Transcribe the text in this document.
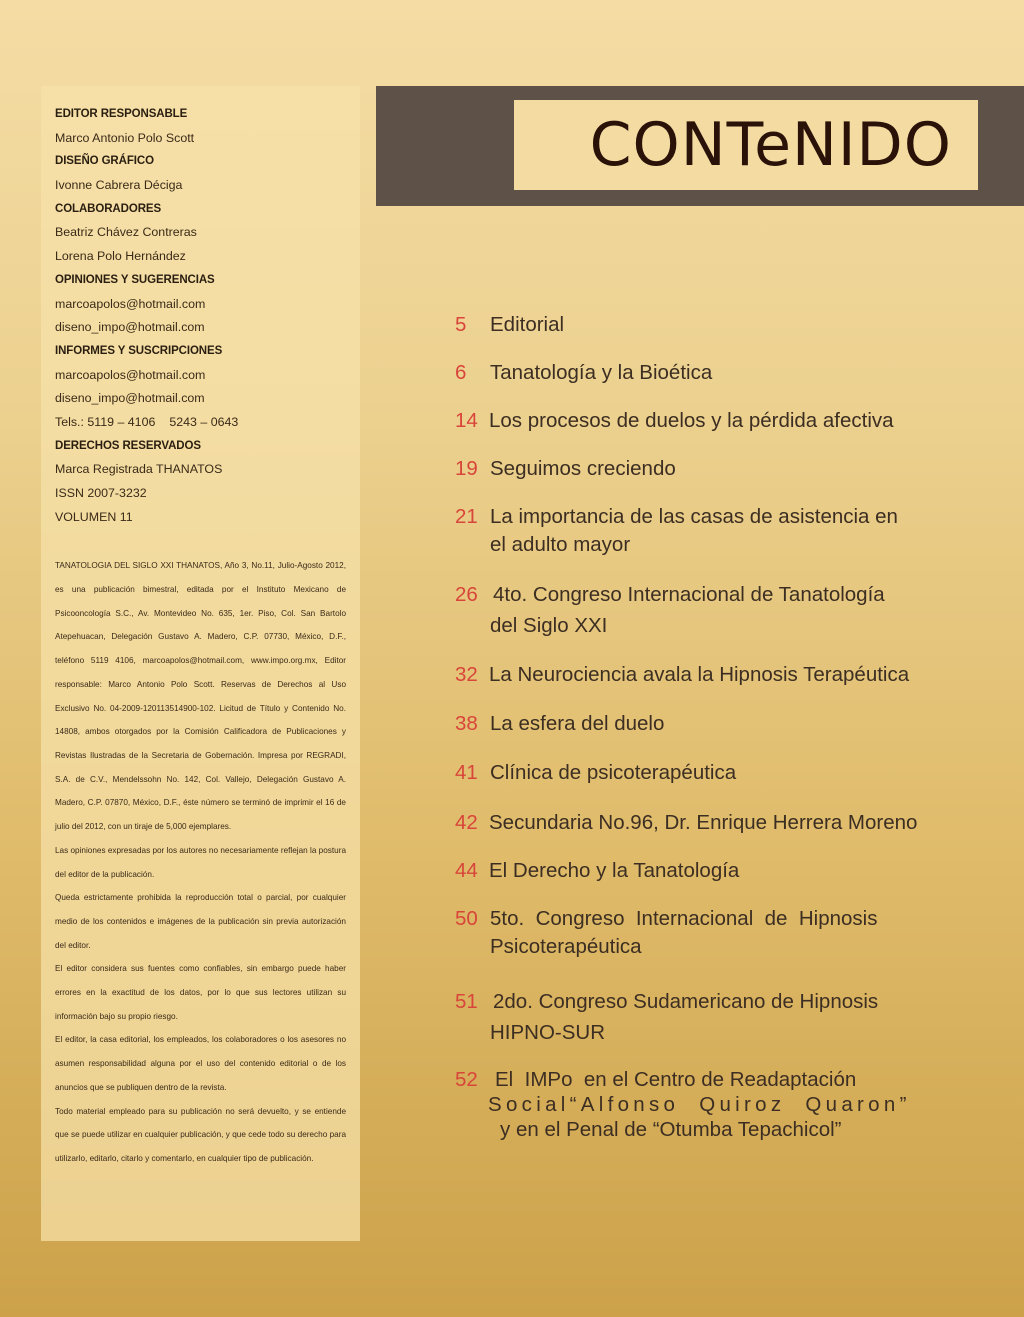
EDITOR RESPONSABLE
Marco Antonio Polo Scott
DISEÑO GRÁFICO
Ivonne Cabrera Déciga
COLABORADORES
Beatriz Chávez Contreras
Lorena Polo Hernández
OPINIONES Y SUGERENCIAS
marcoapolos@hotmail.com
diseno_impo@hotmail.com
INFORMES Y SUSCRIPCIONES
marcoapolos@hotmail.com
diseno_impo@hotmail.com
Tels.: 5119 – 4106 5243 – 0643
DERECHOS RESERVADOS
Marca Registrada THANATOS
ISSN 2007-3232
VOLUMEN 11

TANATOLOGIA DEL SIGLO XXI THANATOS, Año 3, No.11, Julio-Agosto 2012, es una publicación bimestral, editada por el Instituto Mexicano de Psicooncología S.C., Av. Montevideo No. 635, 1er. Piso, Col. San Bartolo Atepehuacan, Delegación Gustavo A. Madero, C.P. 07730, México, D.F., teléfono 5119 4106, marcoapolos@hotmail.com, www.impo.org.mx, Editor responsable: Marco Antonio Polo Scott. Reservas de Derechos al Uso Exclusivo No. 04-2009-120113514900-102. Licitud de Título y Contenido No. 14808, ambos otorgados por la Comisión Calificadora de Publicaciones y Revistas Ilustradas de la Secretaria de Gobernación. Impresa por REGRADI, S.A. de C.V., Mendelssohn No. 142, Col. Vallejo, Delegación Gustavo A. Madero, C.P. 07870, México, D.F., éste número se terminó de imprimir el 16 de julio del 2012, con un tiraje de 5,000 ejemplares.

Las opiniones expresadas por los autores no necesariamente reflejan la postura del editor de la publicación.

Queda estrictamente prohibida la reproducción total o parcial, por cualquier medio de los contenidos e imágenes de la publicación sin previa autorización del editor.

El editor considera sus fuentes como confiables, sin embargo puede haber errores en la exactitud de los datos, por lo que sus lectores utilizan su información bajo su propio riesgo.

El editor, la casa editorial, los empleados, los colaboradores o los asesores no asumen responsabilidad alguna por el uso del contenido editorial o de los anuncios que se publiquen dentro de la revista.

Todo material empleado para su publicación no será devuelto, y se entiende que se puede utilizar en cualquier publicación, y que cede todo su derecho para utilizarlo, editarlo, citarlo y comentarlo, en cualquier tipo de publicación.

CONTeNIDO
5	Editorial
6	Tanatología y la Bioética
14 Los procesos de duelos y la pérdida afectiva
19 Seguimos creciendo
21 La importancia de las casas de asistencia en
el adulto mayor
26 4to. Congreso Internacional de Tanatología
del Siglo XXI
32 La Neurociencia avala la Hipnosis Terapéutica
38 La esfera del duelo
41 Clínica de psicoterapéutica
42 Secundaria No.96, Dr. Enrique Herrera Moreno
44 El Derecho y la Tanatología
50 5to.  Congreso  Internacional  de  Hipnosis
Psicoterapéutica
51 2do. Congreso Sudamericano de Hipnosis
HIPNO-SUR
52 El  IMPo  en el Centro de Readaptación
Social“Alfonso  Quiroz  Quaron”
y en el Penal de “Otumba Tepachicol”
